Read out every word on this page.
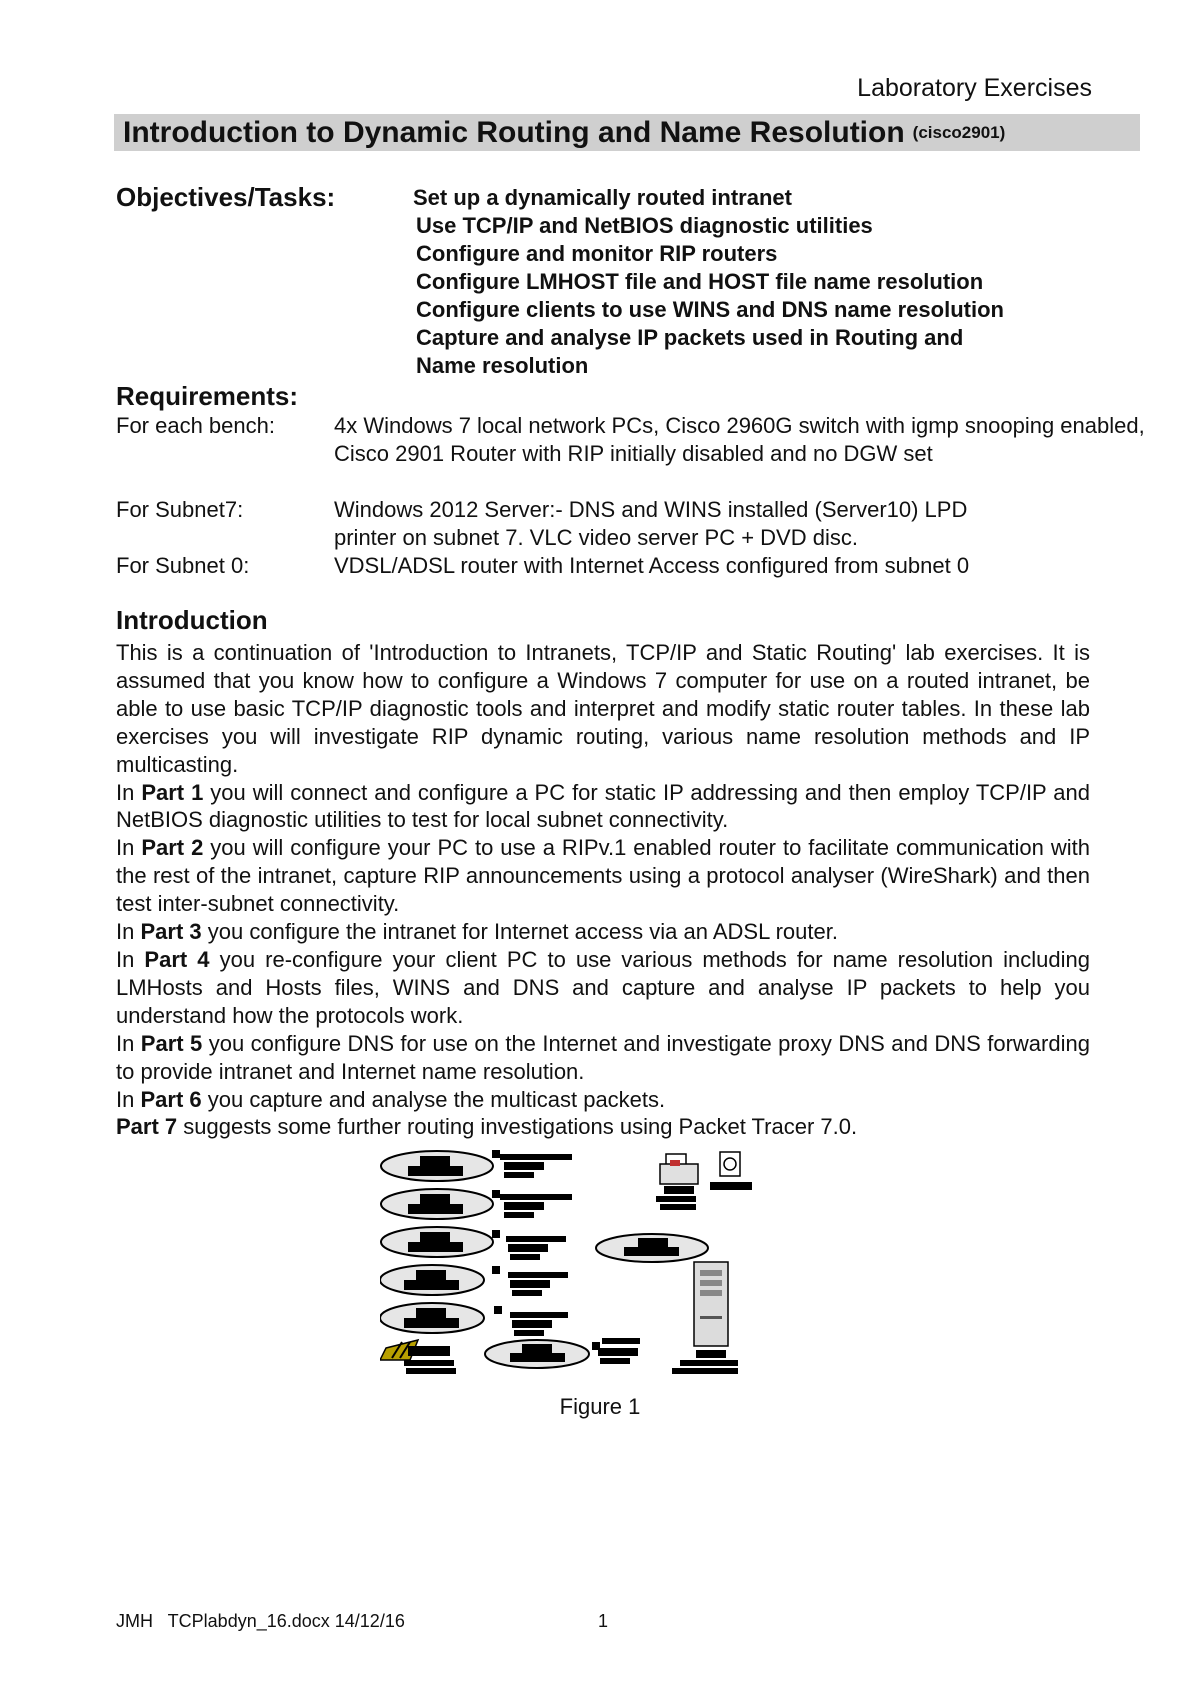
Laboratory Exercises
Introduction to Dynamic Routing and Name Resolution (cisco2901)
Objectives/Tasks:	Set up a dynamically routed intranet
Use TCP/IP and NetBIOS diagnostic utilities
Configure and monitor RIP routers
Configure LMHOST file and HOST file name resolution
Configure clients to use WINS and DNS name resolution
Capture and analyse IP packets used in Routing and
Name resolution
Requirements:
For each bench:	4x Windows 7 local network PCs, Cisco 2960G switch with igmp snooping enabled, Cisco 2901 Router with RIP initially disabled and no DGW set
For Subnet7:	Windows 2012 Server:- DNS and WINS installed (Server10) LPD printer on subnet 7. VLC video server PC + DVD disc.
For Subnet 0:	VDSL/ADSL router with Internet Access configured from subnet 0
Introduction

This is a continuation of 'Introduction to Intranets, TCP/IP and Static Routing' lab exercises. It is assumed that you know how to configure a Windows 7 computer for use on a routed intranet, be able to use basic TCP/IP diagnostic tools and interpret and modify static router tables. In these lab exercises you will investigate RIP dynamic routing, various name resolution methods and IP multicasting.

In Part 1 you will connect and configure a PC for static IP addressing and then employ TCP/IP and NetBIOS diagnostic utilities to test for local subnet connectivity.

In Part 2 you will configure your PC to use a RIPv.1 enabled router to facilitate communication with the rest of the intranet, capture RIP announcements using a protocol analyser (WireShark) and then test inter-subnet connectivity.

In Part 3 you configure the intranet for Internet access via an ADSL router.

In Part 4 you re-configure your client PC to use various methods for name resolution including LMHosts and Hosts files, WINS and DNS and capture and analyse IP packets to help you understand how the protocols work.

In Part 5 you configure DNS for use on the Internet and investigate proxy DNS and DNS forwarding to provide intranet and Internet name resolution.

In Part 6 you capture and analyse the multicast packets.

Part 7 suggests some further routing investigations using Packet Tracer 7.0.

Figure 1
JMH   TCPlabdyn_16.docx 14/12/16	1
